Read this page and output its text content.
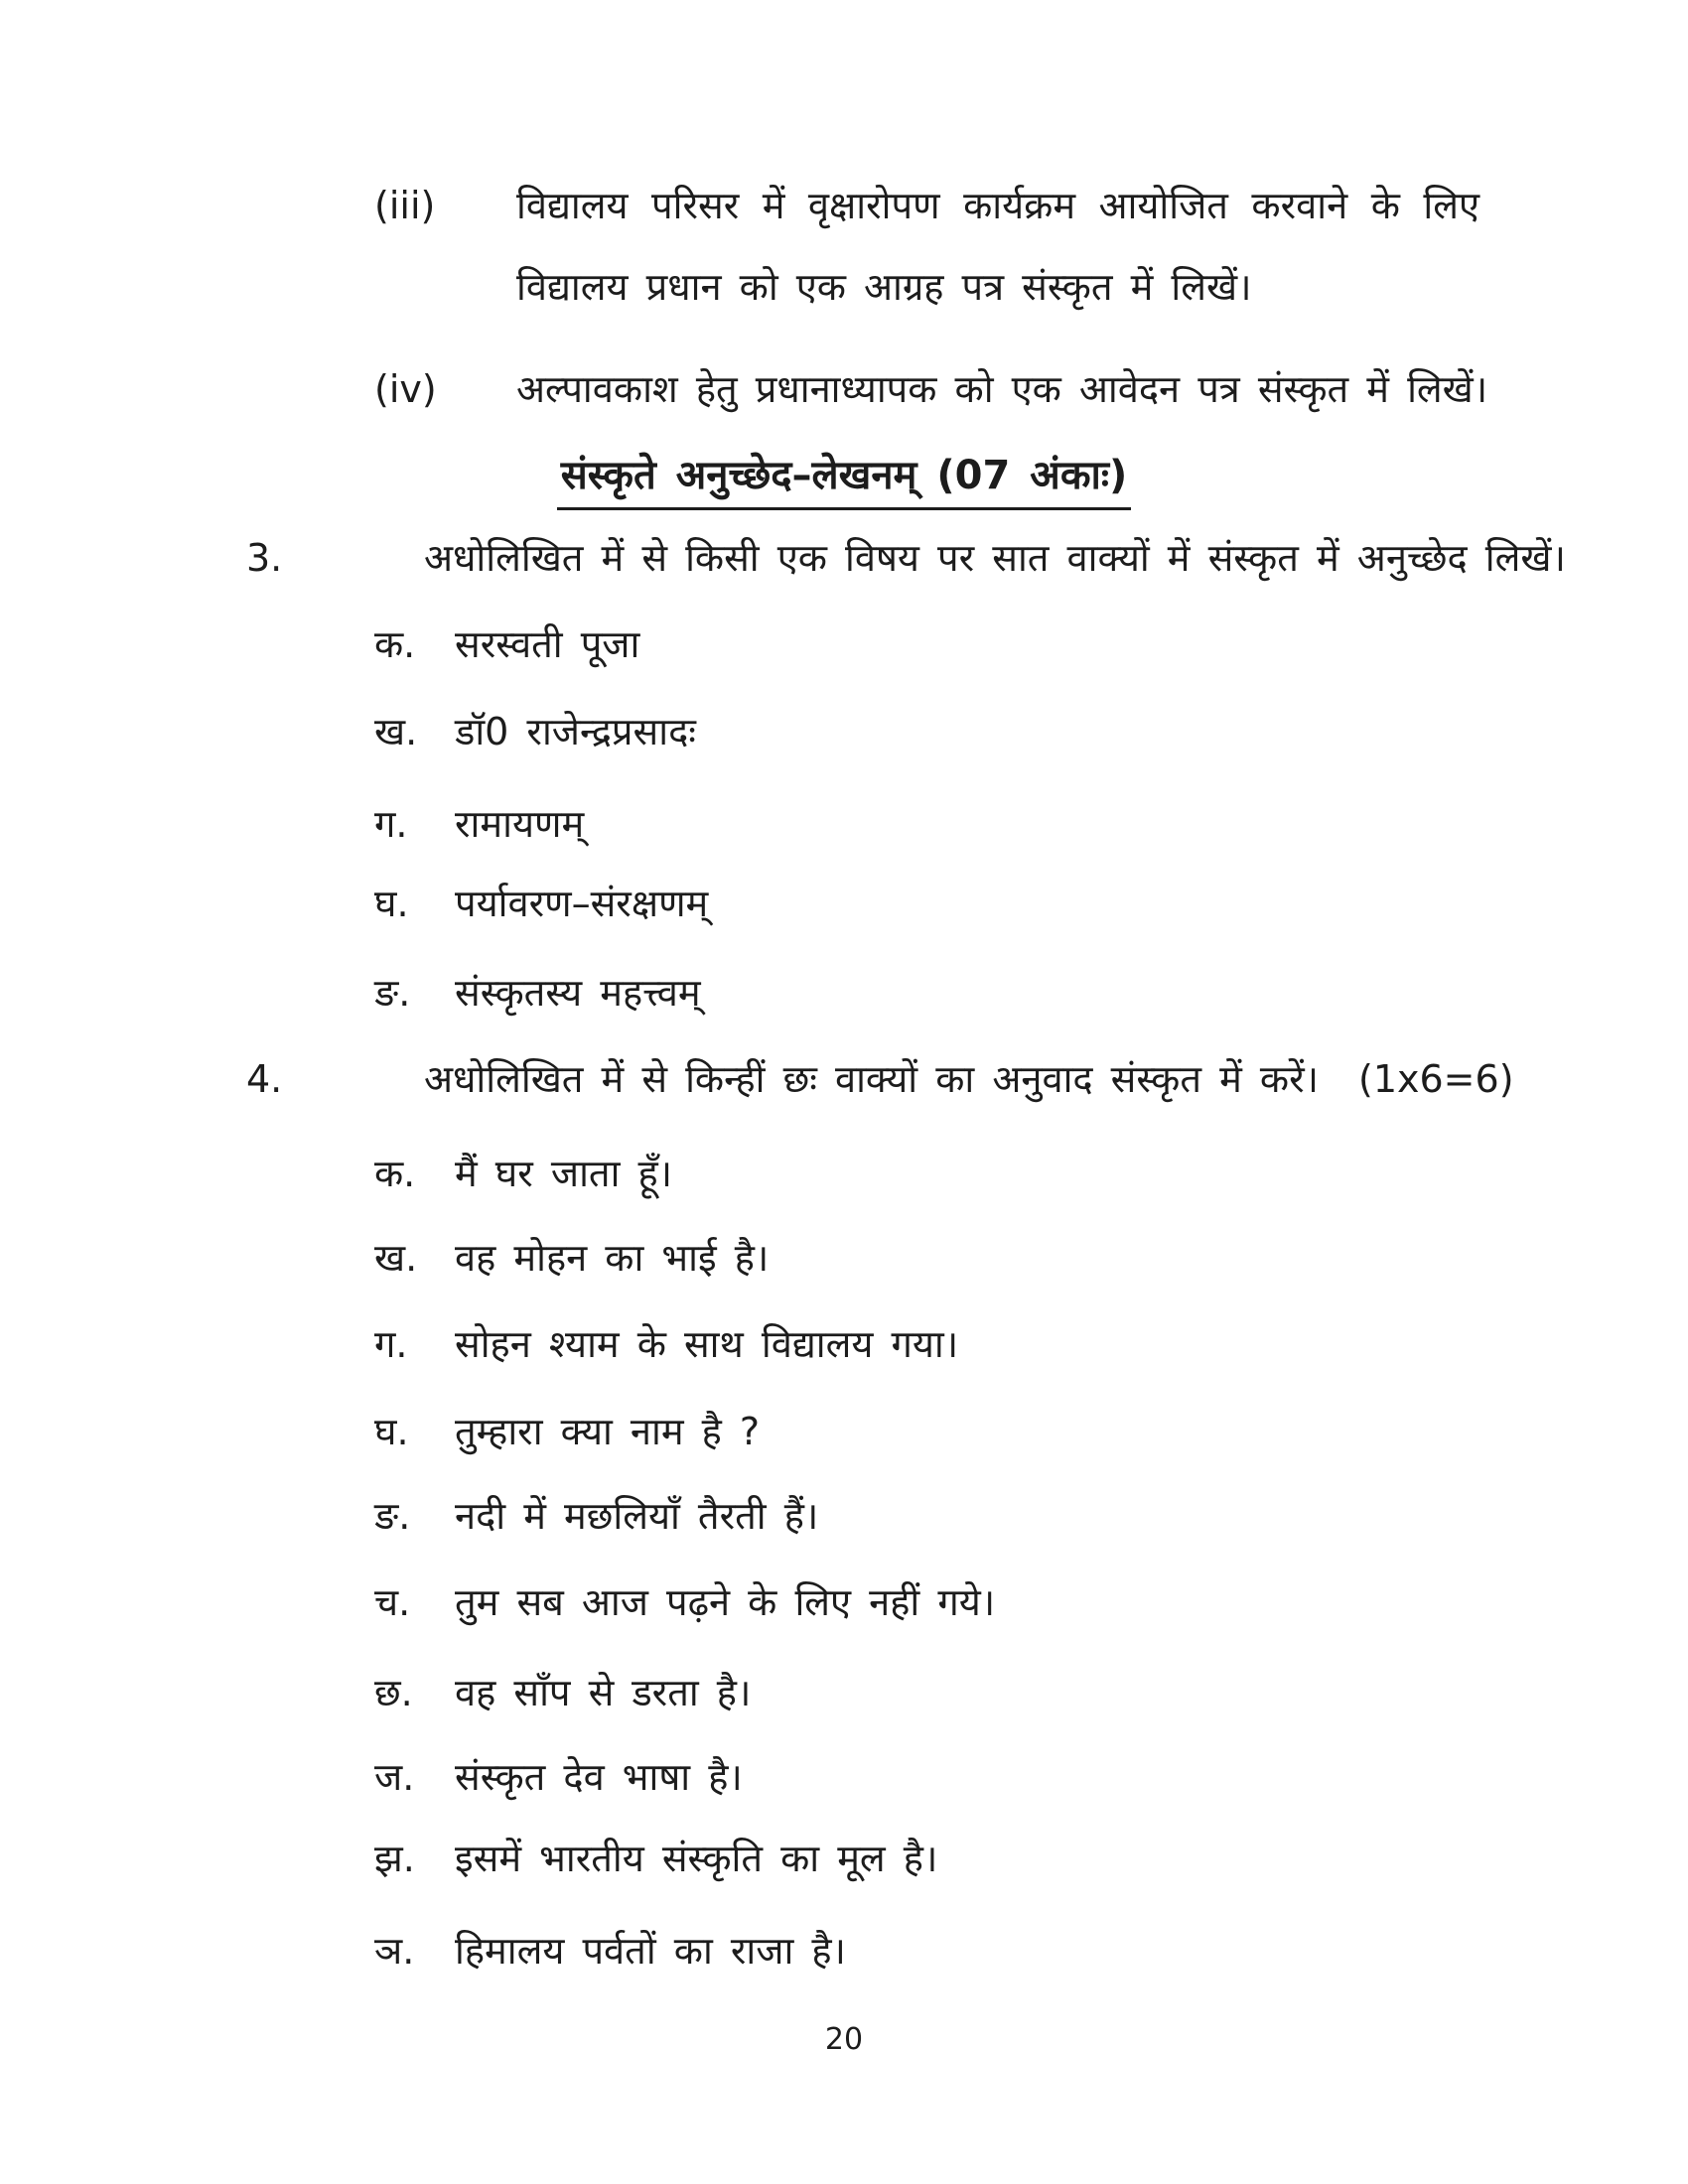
(iii) विद्यालय परिसर में वृक्षारोपण कार्यक्रम आयोजित करवाने के लिए विद्यालय प्रधान को एक आग्रह पत्र संस्कृत में लिखें।
(iv) अल्पावकाश हेतु प्रधानाध्यापक को एक आवेदन पत्र संस्कृत में लिखें।
संस्कृते अनुच्छेद–लेखनम् (07 अंकाः)
3.	अधोलिखित में से किसी एक विषय पर सात वाक्यों में संस्कृत में अनुच्छेद लिखें।
क. सरस्वती पूजा
ख. डॉ0 राजेन्द्रप्रसादः
ग. रामायणम्
घ. पर्यावरण–संरक्षणम्
ङ. संस्कृतस्य महत्त्वम्
4.	अधोलिखित में से किन्हीं छः वाक्यों का अनुवाद संस्कृत में करें। (1x6=6)
क. मैं घर जाता हूँ।
ख. वह मोहन का भाई है।
ग. सोहन श्याम के साथ विद्यालय गया।
घ. तुम्हारा क्या नाम है ?
ङ. नदी में मछलियाँ तैरती हैं।
च. तुम सब आज पढ़ने के लिए नहीं गये।
छ. वह साँप से डरता है।
ज. संस्कृत देव भाषा है।
झ. इसमें भारतीय संस्कृति का मूल है।
ञ. हिमालय पर्वतों का राजा है।
20
